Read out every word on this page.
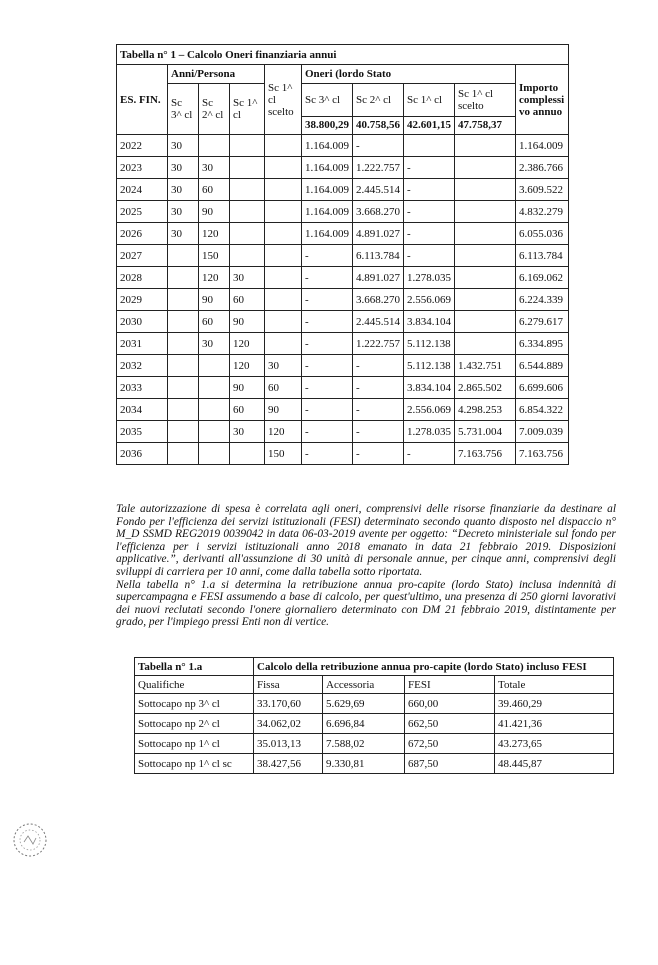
Tabella n° 1 – Calcolo Oneri finanziaria annui									
ES. FIN.	Anni/Persona			Sc 1^ cl scelto	Oneri (lordo Stato				Importo complessi vo annuo
	Sc 3^ cl	Sc 2^ cl	Sc 1^ cl		Sc 3^ cl	Sc 2^ cl	Sc 1^ cl	Sc 1^ cl scelto	
					38.800,29	40.758,56	42.601,15	47.758,37	
2022	30				1.164.009	-			1.164.009
2023	30	30			1.164.009	1.222.757	-		2.386.766
2024	30	60			1.164.009	2.445.514	-		3.609.522
2025	30	90			1.164.009	3.668.270	-		4.832.279
2026	30	120			1.164.009	4.891.027	-		6.055.036
2027		150			-	6.113.784	-		6.113.784
2028		120	30		-	4.891.027	1.278.035		6.169.062
2029		90	60		-	3.668.270	2.556.069		6.224.339
2030		60	90		-	2.445.514	3.834.104		6.279.617
2031		30	120		-	1.222.757	5.112.138		6.334.895
2032			120	30	-	-	5.112.138	1.432.751	6.544.889
2033			90	60	-	-	3.834.104	2.865.502	6.699.606
2034			60	90	-	-	2.556.069	4.298.253	6.854.322
2035			30	120	-	-	1.278.035	5.731.004	7.009.039
2036				150	-	-	-	7.163.756	7.163.756

Tale autorizzazione di spesa è correlata agli oneri, comprensivi delle risorse finanziarie da destinare al Fondo per l'efficienza dei servizi istituzionali (FESI) determinato secondo quanto disposto nel dispaccio n° M_D SSMD REG2019 0039042 in data 06-03-2019 avente per oggetto: “Decreto ministeriale sul fondo per l'efficienza per i servizi istituzionali anno 2018 emanato in data 21 febbraio 2019. Disposizioni applicative.”, derivanti all'assunzione di 30 unità di personale annue, per cinque anni, comprensivi degli sviluppi di carriera per 10 anni, come dalla tabella sotto riportata.

Nella tabella n° 1.a si determina la retribuzione annua pro-capite (lordo Stato) inclusa indennità di supercampagna e FESI assumendo a base di calcolo, per quest'ultimo, una presenza di 250 giorni lavorativi dei nuovi reclutati secondo l'onere giornaliero determinato con DM 21 febbraio 2019, distintamente per grado, per l'impiego pressi Enti non di vertice.

Tabella n° 1.a	Calcolo della retribuzione annua pro-capite (lordo Stato) incluso FESI			
Qualifiche	Fissa	Accessoria	FESI	Totale
Sottocapo np 3^ cl	33.170,60	5.629,69	660,00	39.460,29
Sottocapo np 2^ cl	34.062,02	6.696,84	662,50	41.421,36
Sottocapo np 1^ cl	35.013,13	7.588,02	672,50	43.273,65
Sottocapo np 1^ cl sc	38.427,56	9.330,81	687,50	48.445,87
